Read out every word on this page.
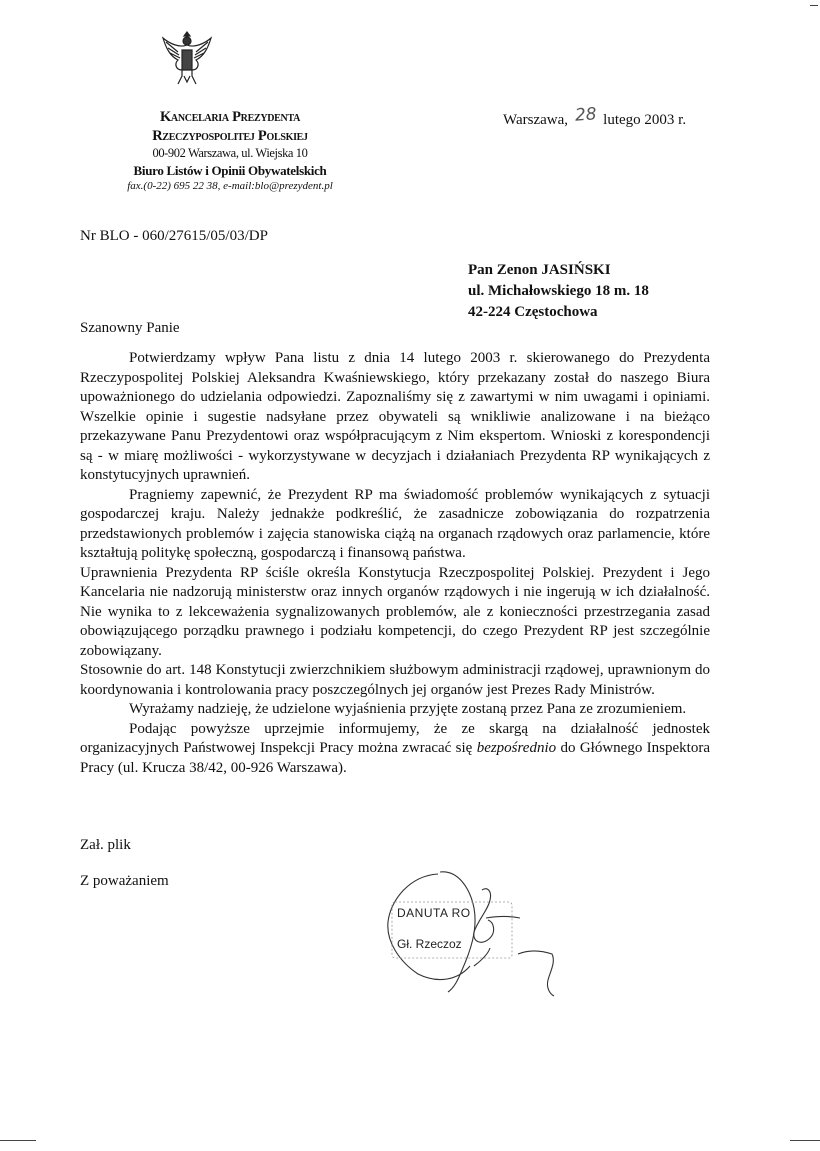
Kancelaria Prezydenta
Rzeczypospolitej Polskiej
00-902 Warszawa, ul. Wiejska 10
Biuro Listów i Opinii Obywatelskich
fax.(0-22) 695 22 38, e-mail:blo@prezydent.pl
Warszawa, 28 lutego 2003 r.
Nr BLO - 060/27615/05/03/DP
Pan Zenon JASIŃSKI
ul. Michałowskiego 18 m. 18
42-224 Częstochowa
Szanowny Panie

Potwierdzamy wpływ Pana listu z dnia 14 lutego 2003 r. skierowanego do Prezydenta Rzeczypospolitej Polskiej Aleksandra Kwaśniewskiego, który przekazany został do naszego Biura upoważnionego do udzielania odpowiedzi. Zapoznaliśmy się z zawartymi w nim uwagami i opiniami. Wszelkie opinie i sugestie nadsyłane przez obywateli są wnikliwie analizowane i na bieżąco przekazywane Panu Prezydentowi oraz współpracującym z Nim ekspertom. Wnioski z korespondencji są - w miarę możliwości - wykorzystywane w decyzjach i działaniach Prezydenta RP wynikających z konstytucyjnych uprawnień.

Pragniemy zapewnić, że Prezydent RP ma świadomość problemów wynikających z sytuacji gospodarczej kraju. Należy jednakże podkreślić, że zasadnicze zobowiązania do rozpatrzenia przedstawionych problemów i zajęcia stanowiska ciążą na organach rządowych oraz parlamencie, które kształtują politykę społeczną, gospodarczą i finansową państwa.

Uprawnienia Prezydenta RP ściśle określa Konstytucja Rzeczpospolitej Polskiej. Prezydent i Jego Kancelaria nie nadzorują ministerstw oraz innych organów rządowych i nie ingerują w ich działalność. Nie wynika to z lekceważenia sygnalizowanych problemów, ale z konieczności przestrzegania zasad obowiązującego porządku prawnego i podziału kompetencji, do czego Prezydent RP jest szczególnie zobowiązany.

Stosownie do art. 148 Konstytucji zwierzchnikiem służbowym administracji rządowej, uprawnionym do koordynowania i kontrolowania pracy poszczególnych jej organów jest Prezes Rady Ministrów.

Wyrażamy nadzieję, że udzielone wyjaśnienia przyjęte zostaną przez Pana ze zrozumieniem.

Podając powyższe uprzejmie informujemy, że ze skargą na działalność jednostek organizacyjnych Państwowej Inspekcji Pracy można zwracać się bezpośrednio do Głównego Inspektora Pracy (ul. Krucza 38/42, 00-926 Warszawa).

Zał. plik
Z poważaniem
DANUTA RO
Gł. Rzeczoz
